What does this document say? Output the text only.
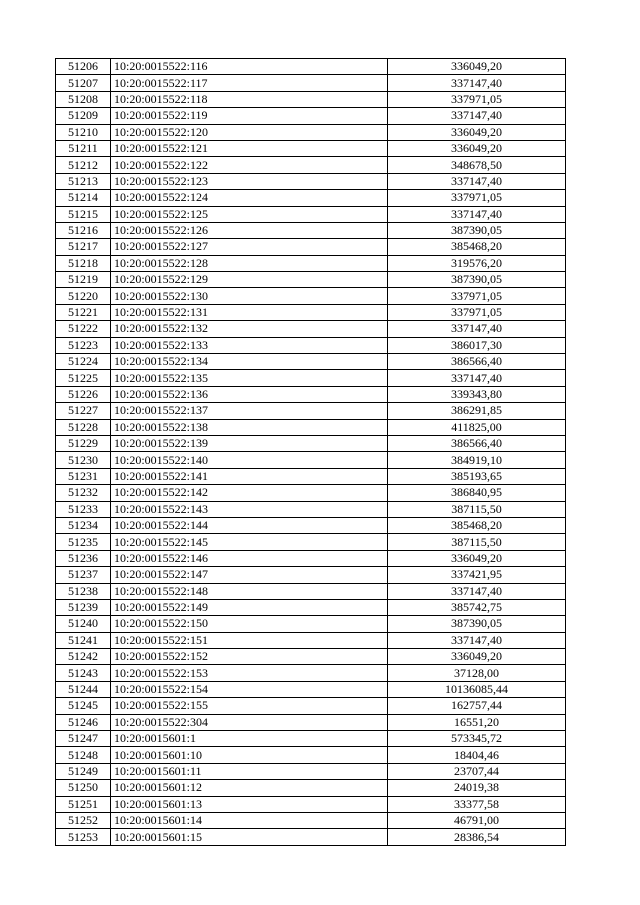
51206	10:20:0015522:116	336049,20
51207	10:20:0015522:117	337147,40
51208	10:20:0015522:118	337971,05
51209	10:20:0015522:119	337147,40
51210	10:20:0015522:120	336049,20
51211	10:20:0015522:121	336049,20
51212	10:20:0015522:122	348678,50
51213	10:20:0015522:123	337147,40
51214	10:20:0015522:124	337971,05
51215	10:20:0015522:125	337147,40
51216	10:20:0015522:126	387390,05
51217	10:20:0015522:127	385468,20
51218	10:20:0015522:128	319576,20
51219	10:20:0015522:129	387390,05
51220	10:20:0015522:130	337971,05
51221	10:20:0015522:131	337971,05
51222	10:20:0015522:132	337147,40
51223	10:20:0015522:133	386017,30
51224	10:20:0015522:134	386566,40
51225	10:20:0015522:135	337147,40
51226	10:20:0015522:136	339343,80
51227	10:20:0015522:137	386291,85
51228	10:20:0015522:138	411825,00
51229	10:20:0015522:139	386566,40
51230	10:20:0015522:140	384919,10
51231	10:20:0015522:141	385193,65
51232	10:20:0015522:142	386840,95
51233	10:20:0015522:143	387115,50
51234	10:20:0015522:144	385468,20
51235	10:20:0015522:145	387115,50
51236	10:20:0015522:146	336049,20
51237	10:20:0015522:147	337421,95
51238	10:20:0015522:148	337147,40
51239	10:20:0015522:149	385742,75
51240	10:20:0015522:150	387390,05
51241	10:20:0015522:151	337147,40
51242	10:20:0015522:152	336049,20
51243	10:20:0015522:153	37128,00
51244	10:20:0015522:154	10136085,44
51245	10:20:0015522:155	162757,44
51246	10:20:0015522:304	16551,20
51247	10:20:0015601:1	573345,72
51248	10:20:0015601:10	18404,46
51249	10:20:0015601:11	23707,44
51250	10:20:0015601:12	24019,38
51251	10:20:0015601:13	33377,58
51252	10:20:0015601:14	46791,00
51253	10:20:0015601:15	28386,54
